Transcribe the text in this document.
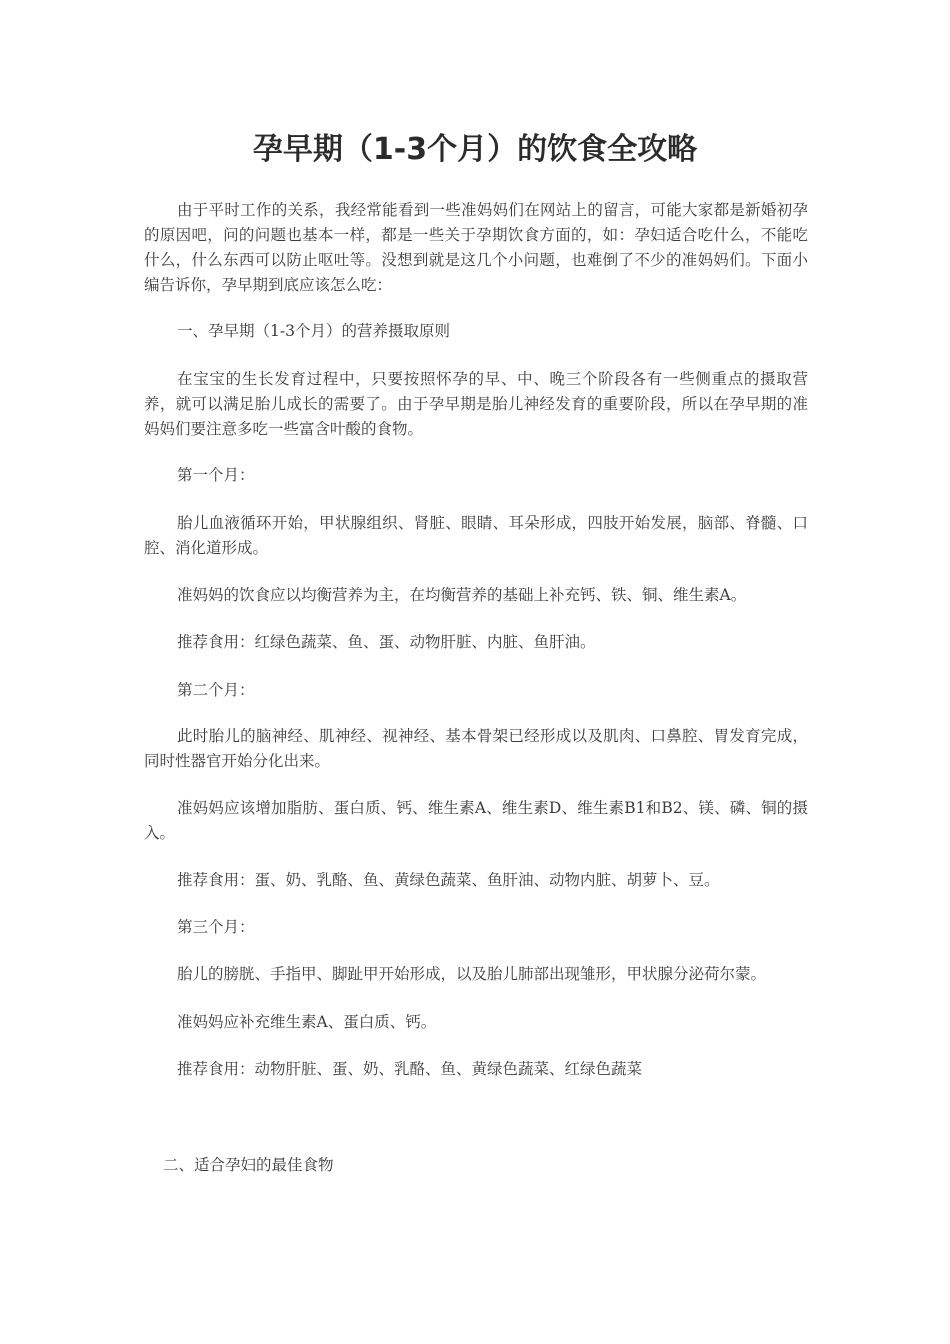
孕早期（1-3个月）的饮食全攻略

由于平时工作的关系，我经常能看到一些准妈妈们在网站上的留言，可能大家都是新婚初孕的原因吧，问的问题也基本一样，都是一些关于孕期饮食方面的，如：孕妇适合吃什么，不能吃什么，什么东西可以防止呕吐等。没想到就是这几个小问题，也难倒了不少的准妈妈们。下面小编告诉你，孕早期到底应该怎么吃：

一、孕早期（1-3个月）的营养摄取原则

在宝宝的生长发育过程中，只要按照怀孕的早、中、晚三个阶段各有一些侧重点的摄取营养，就可以满足胎儿成长的需要了。由于孕早期是胎儿神经发育的重要阶段，所以在孕早期的准妈妈们要注意多吃一些富含叶酸的食物。

第一个月：

胎儿血液循环开始，甲状腺组织、肾脏、眼睛、耳朵形成，四肢开始发展，脑部、脊髓、口腔、消化道形成。

准妈妈的饮食应以均衡营养为主，在均衡营养的基础上补充钙、铁、铜、维生素A。

推荐食用：红绿色蔬菜、鱼、蛋、动物肝脏、内脏、鱼肝油。

第二个月：

此时胎儿的脑神经、肌神经、视神经、基本骨架已经形成以及肌肉、口鼻腔、胃发育完成，同时性器官开始分化出来。

准妈妈应该增加脂肪、蛋白质、钙、维生素A、维生素D、维生素B1和B2、镁、磷、铜的摄入。

推荐食用：蛋、奶、乳酪、鱼、黄绿色蔬菜、鱼肝油、动物内脏、胡萝卜、豆。

第三个月：

胎儿的膀胱、手指甲、脚趾甲开始形成，以及胎儿肺部出现雏形，甲状腺分泌荷尔蒙。

准妈妈应补充维生素A、蛋白质、钙。

推荐食用：动物肝脏、蛋、奶、乳酪、鱼、黄绿色蔬菜、红绿色蔬菜

二、适合孕妇的最佳食物
